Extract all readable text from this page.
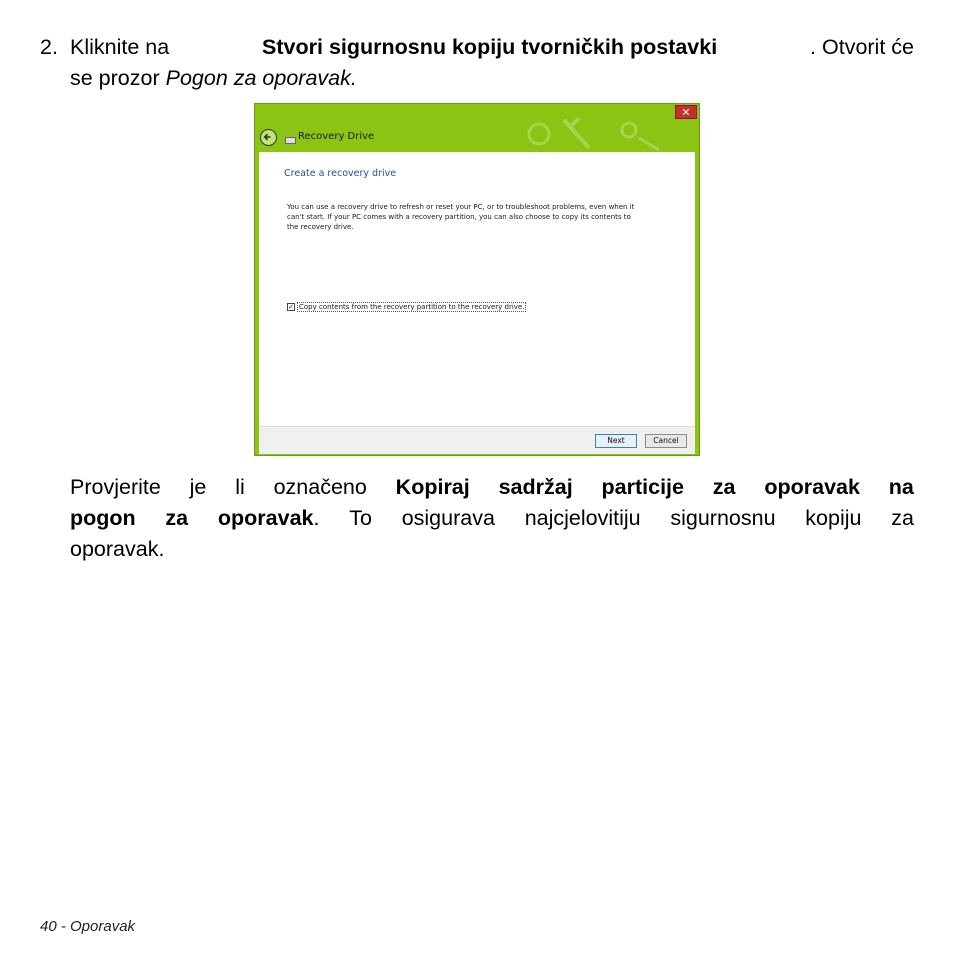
2. Kliknite na	Stvori sigurnosnu kopiju tvorničkih postavki	. Otvorit će
se prozor Pogon za oporavak.
✕
Recovery Drive
Create a recovery drive
You can use a recovery drive to refresh or reset your PC, or to troubleshoot problems, even when it can't start. If your PC comes with a recovery partition, you can also choose to copy its contents to the recovery drive.
✓ Copy contents from the recovery partition to the recovery drive.
Next	Cancel
Provjerite je li označeno Kopiraj sadržaj particije za oporavak na
pogon za oporavak. To osigurava najcjelovitiju sigurnosnu kopiju za
oporavak.
40 - Oporavak
